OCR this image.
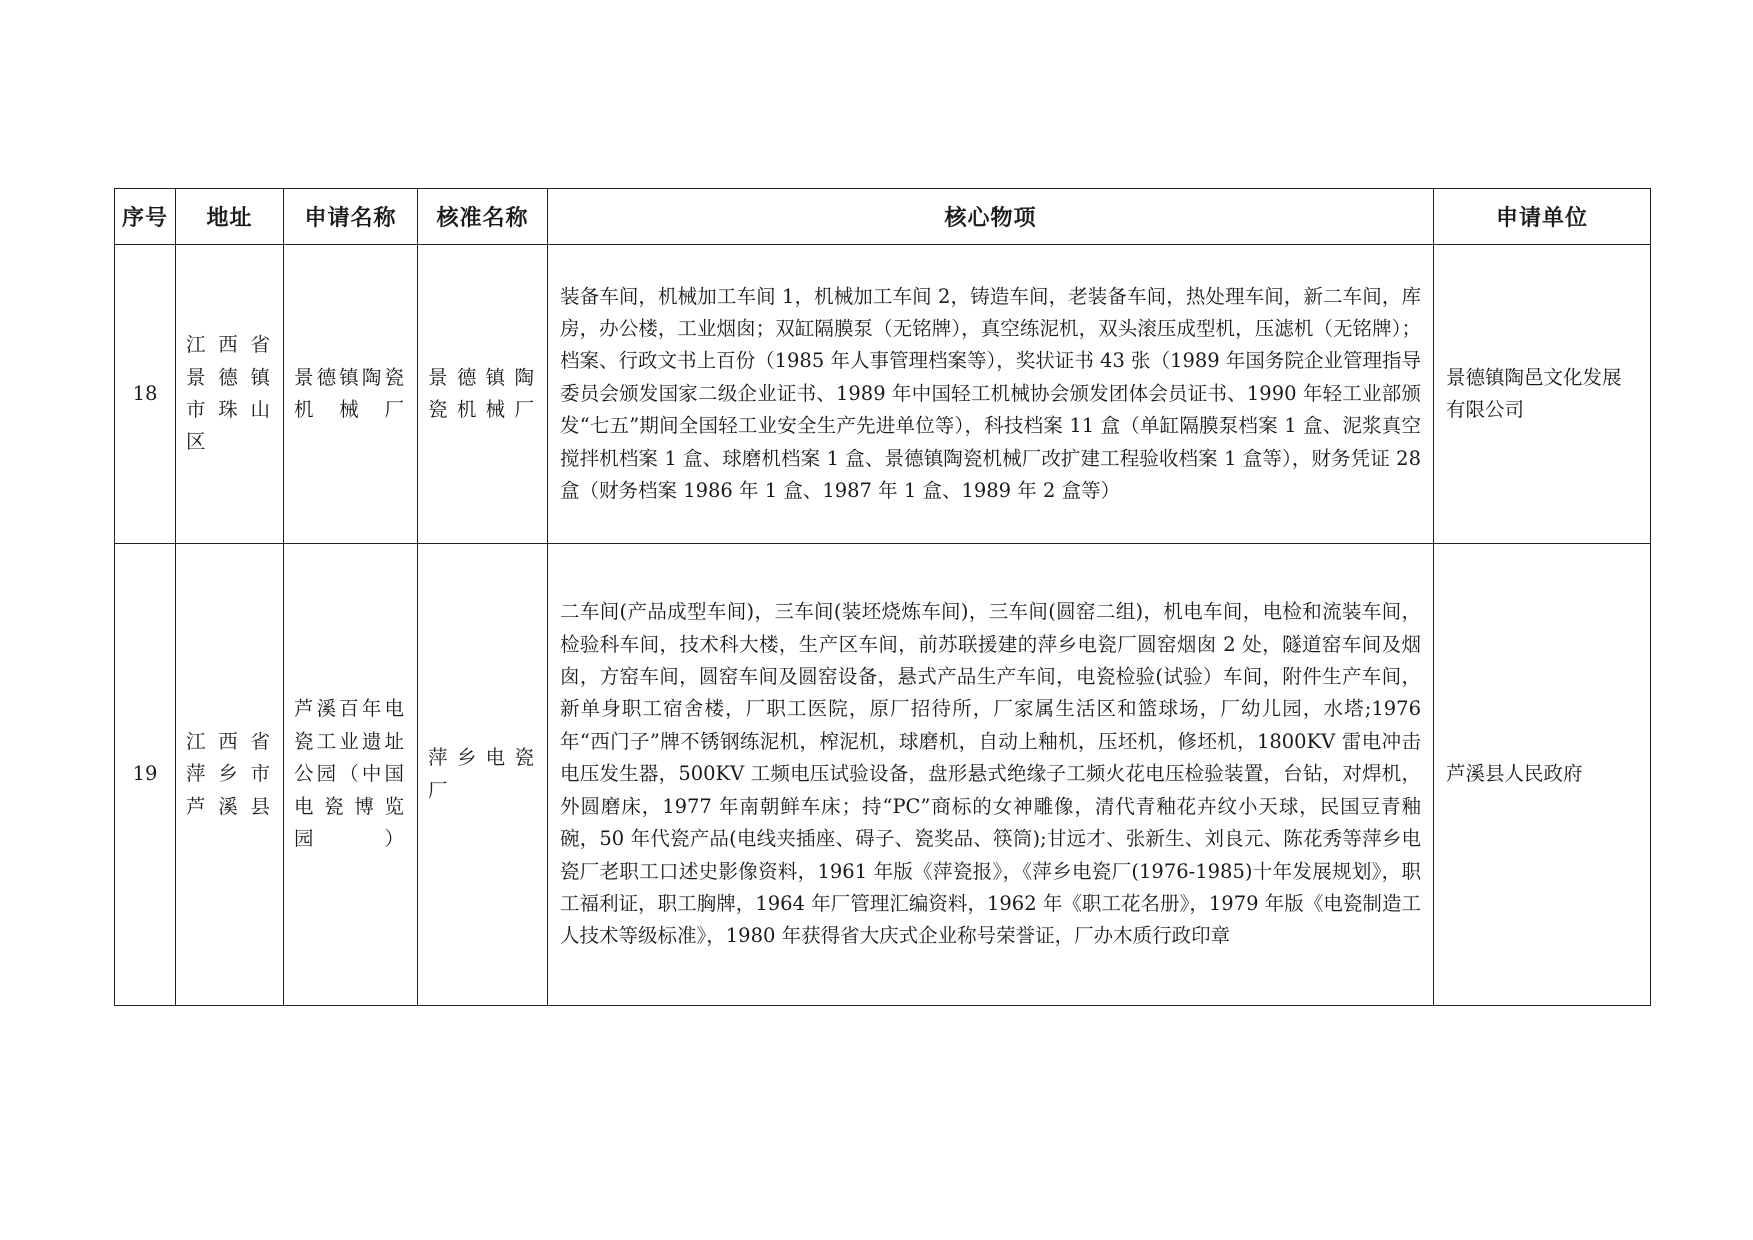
序号	地址	申请名称	核准名称	核心物项	申请单位
18	江西省景德镇市珠山区	景德镇陶瓷机械厂	景德镇陶瓷机械厂	装备车间，机械加工车间 1，机械加工车间 2，铸造车间，老装备车间，热处理车间，新二车间，库房，办公楼，工业烟囱；双缸隔膜泵（无铭牌），真空练泥机，双头滚压成型机，压滤机（无铭牌）；档案、行政文书上百份（1985 年人事管理档案等），奖状证书 43 张（1989 年国务院企业管理指导委员会颁发国家二级企业证书、1989 年中国轻工机械协会颁发团体会员证书、1990 年轻工业部颁发“七五”期间全国轻工业安全生产先进单位等），科技档案 11 盒（单缸隔膜泵档案 1 盒、泥浆真空搅拌机档案 1 盒、球磨机档案 1 盒、景德镇陶瓷机械厂改扩建工程验收档案 1 盒等），财务凭证 28 盒（财务档案 1986 年 1 盒、1987 年 1 盒、1989 年 2 盒等）	景德镇陶邑文化发展有限公司
19	江西省萍乡市芦溪县	芦溪百年电瓷工业遗址公园（中国电瓷博览园）	萍乡电瓷厂	二车间(产品成型车间)，三车间(装坯烧炼车间)，三车间(圆窑二组)，机电车间，电检和流装车间，检验科车间，技术科大楼，生产区车间，前苏联援建的萍乡电瓷厂圆窑烟囱 2 处，隧道窑车间及烟囱，方窑车间，圆窑车间及圆窑设备，悬式产品生产车间，电瓷检验(试验）车间，附件生产车间，新单身职工宿舍楼，厂职工医院，原厂招待所，厂家属生活区和篮球场，厂幼儿园，水塔;1976 年“西门子”牌不锈钢练泥机，榨泥机，球磨机，自动上釉机，压坯机，修坯机，1800KV 雷电冲击电压发生器，500KV 工频电压试验设备，盘形悬式绝缘子工频火花电压检验装置，台钻，对焊机，外圆磨床，1977 年南朝鲜车床；持“PC”商标的女神雕像，清代青釉花卉纹小天球，民国豆青釉碗，50 年代瓷产品(电线夹插座、碍子、瓷奖品、筷筒);甘远才、张新生、刘良元、陈花秀等萍乡电瓷厂老职工口述史影像资料，1961 年版《萍瓷报》，《萍乡电瓷厂(1976-1985)十年发展规划》，职工福利证，职工胸牌，1964 年厂管理汇编资料，1962 年《职工花名册》，1979 年版《电瓷制造工人技术等级标准》，1980 年获得省大庆式企业称号荣誉证，厂办木质行政印章	芦溪县人民政府
